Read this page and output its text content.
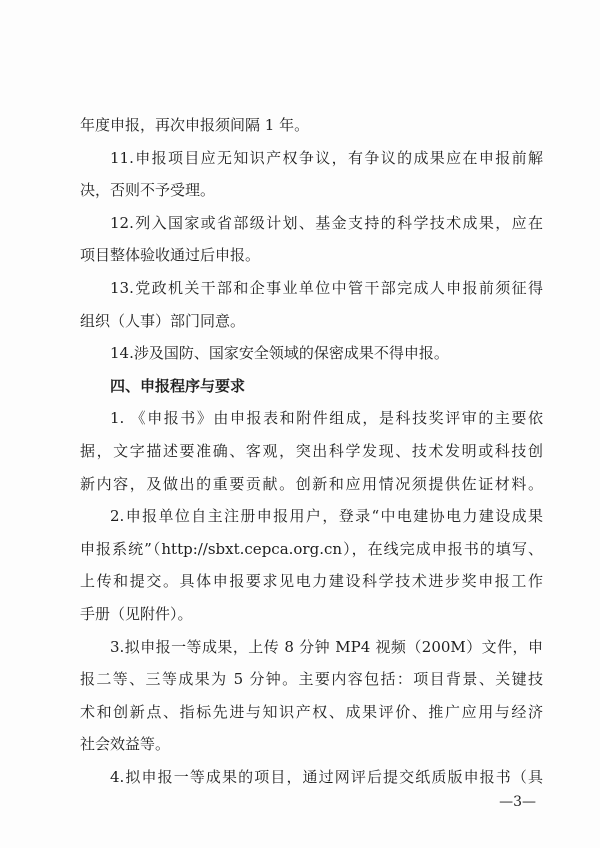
年度申报，再次申报须间隔 1 年。
11.申报项目应无知识产权争议，有争议的成果应在申报前解
决，否则不予受理。
12.列入国家或省部级计划、基金支持的科学技术成果，应在
项目整体验收通过后申报。
13.党政机关干部和企事业单位中管干部完成人申报前须征得
组织（人事）部门同意。
14.涉及国防、国家安全领域的保密成果不得申报。
四、申报程序与要求
1. 《申报书》由申报表和附件组成，是科技奖评审的主要依
据，文字描述要准确、客观，突出科学发现、技术发明或科技创
新内容，及做出的重要贡献。创新和应用情况须提供佐证材料。
2.申报单位自主注册申报用户，登录“中电建协电力建设成果
申报系统”（http://sbxt.cepca.org.cn），在线完成申报书的填写、
上传和提交。具体申报要求见电力建设科学技术进步奖申报工作
手册（见附件）。
3.拟申报一等成果，上传 8 分钟 MP4 视频（200M）文件，申
报二等、三等成果为 5 分钟。主要内容包括：项目背景、关键技
术和创新点、指标先进与知识产权、成果评价、推广应用与经济
社会效益等。
4.拟申报一等成果的项目，通过网评后提交纸质版申报书（具
—3—
